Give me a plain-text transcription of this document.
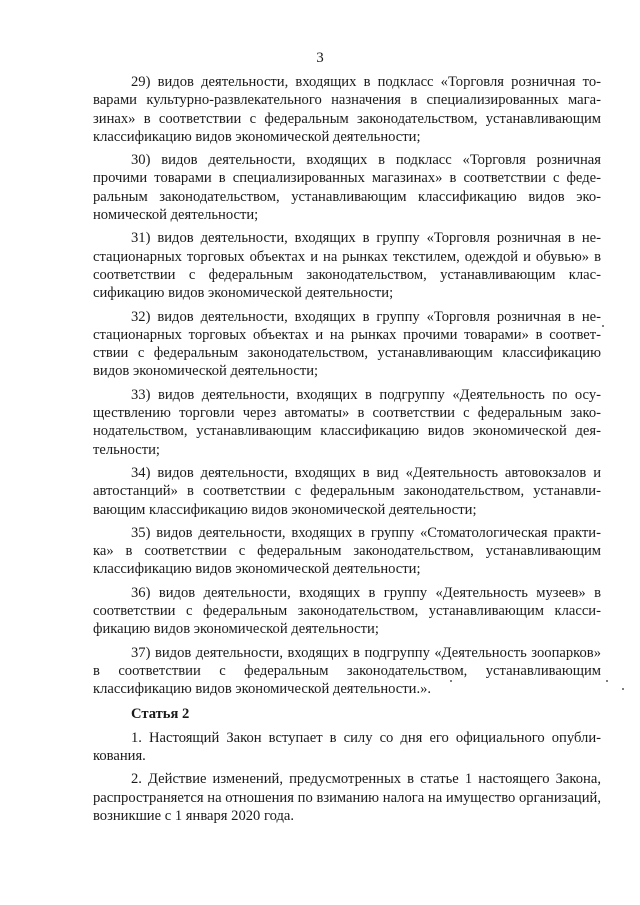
3

29) видов деятельности, входящих в подкласс «Торговля розничная товарами культурно-развлекательного назначения в специализированных магазинах» в соответствии с федеральным законодательством, устанавливающим классификацию видов экономической деятельности;

30) видов деятельности, входящих в подкласс «Торговля розничная прочими товарами в специализированных магазинах» в соответствии с федеральным законодательством, устанавливающим классификацию видов экономической деятельности;

31) видов деятельности, входящих в группу «Торговля розничная в нестационарных торговых объектах и на рынках текстилем, одеждой и обувью» в соответствии с федеральным законодательством, устанавливающим классификацию видов экономической деятельности;

32) видов деятельности, входящих в группу «Торговля розничная в нестационарных торговых объектах и на рынках прочими товарами» в соответствии с федеральным законодательством, устанавливающим классификацию видов экономической деятельности;

33) видов деятельности, входящих в подгруппу «Деятельность по осуществлению торговли через автоматы» в соответствии с федеральным законодательством, устанавливающим классификацию видов экономической деятельности;

34) видов деятельности, входящих в вид «Деятельность автовокзалов и автостанций» в соответствии с федеральным законодательством, устанавливающим классификацию видов экономической деятельности;

35) видов деятельности, входящих в группу «Стоматологическая практика» в соответствии с федеральным законодательством, устанавливающим классификацию видов экономической деятельности;

36) видов деятельности, входящих в группу «Деятельность музеев» в соответствии с федеральным законодательством, устанавливающим классификацию видов экономической деятельности;

37) видов деятельности, входящих в подгруппу «Деятельность зоопарков» в соответствии с федеральным законодательством, устанавливающим классификацию видов экономической деятельности.».

Статья 2

1. Настоящий Закон вступает в силу со дня его официального опубликования.

2. Действие изменений, предусмотренных в статье 1 настоящего Закона, распространяется на отношения по взиманию налога на имущество организаций, возникшие с 1 января 2020 года.
